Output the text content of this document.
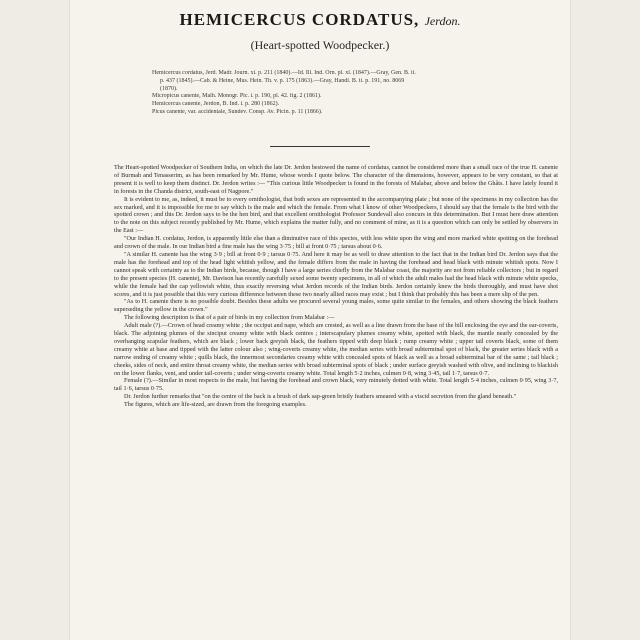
HEMICERCUS CORDATUS, Jerdon.
(Heart-spotted Woodpecker.)
Hemicercus cordatus, Jerd. Madr. Journ. xi. p. 211 (1840).—Id. Ill. Ind. Orn. pl. xl. (1847).—Gray, Gen. B. ii.
p. 437 (1845).—Cab. & Heine, Mus. Hein. Th. v. p. 175 (1863).—Gray, Handl. B. ii. p. 191, no. 8069
(1870).
Micropicus canente, Malh. Monogr. Pic. i. p. 190, pl. 42. fig. 2 (1861).
Hemicercus canente, Jerdon, B. Ind. i. p. 280 (1862).
Picus canente, var. accidentale, Sundev. Consp. Av. Picin. p. 11 (1866).

The Heart-spotted Woodpecker of Southern India, on which the late Dr. Jerdon bestowed the name of cordatus, cannot be considered more than a small race of the true H. canente of Burmah and Tenasserim, as has been remarked by Mr. Hume, whose words I quote below. The character of the dimensions, however, appears to be very constant, so that at present it is well to keep them distinct. Dr. Jerdon writes :— "This curious little Woodpecker is found in the forests of Malabar, above and below the Ghâts. I have lately found it in forests in the Chanda district, south-east of Nagpore."

It is evident to me, as, indeed, it must be to every ornithologist, that both sexes are represented in the accompanying plate ; but none of the specimens in my collection has the sex marked, and it is impossible for me to say which is the male and which the female. From what I know of other Woodpeckers, I should say that the female is the bird with the spotted crown ; and this Dr. Jerdon says to be the hen bird, and that excellent ornithologist Professor Sundevall also concurs in this determination. But I must here draw attention to the note on this subject recently published by Mr. Hume, which explains the matter fully, and no comment of mine, as it is a question which can only be settled by observers in the East :—

"Our Indian H. cordatus, Jerdon, is apparently little else than a diminutive race of this species, with less white upon the wing and more marked white spotting on the forehead and crown of the male. In our Indian bird a fine male has the wing 3·75 ; bill at front 0·75 ; tarsus about 0·6.

"A similar H. canente has the wing 3·9 ; bill at front 0·9 ; tarsus 0·75. And here it may be as well to draw attention to the fact that in the Indian bird Dr. Jerdon says that the male has the forehead and top of the head light whitish yellow, and the female differs from the male in having the forehead and head black with minute whitish spots. Now I cannot speak with certainty as to the Indian birds, because, though I have a large series chiefly from the Malabar coast, the majority are not from reliable collectors ; but in regard to the present species (H. canente), Mr. Davison has recently carefully sexed some twenty specimens, in all of which the adult males had the head black with minute white specks, while the female had the cap yellowish white, thus exactly reversing what Jerdon records of the Indian birds. Jerdon certainly knew the birds thoroughly, and must have shot scores, and it is just possible that this very curious difference between these two nearly allied races may exist ; but I think that probably this has been a mere slip of the pen.

"As to H. canente there is no possible doubt. Besides these adults we procured several young males, some quite similar to the females, and others showing the black feathers superseding the yellow in the crown."

The following description is that of a pair of birds in my collection from Malabar :—

Adult male (?).—Crown of head creamy white ; the occiput and nape, which are crested, as well as a line drawn from the base of the bill enclosing the eye and the ear-coverts, black. The adjoining plumes of the sinciput creamy white with black centres ; interscapulary plumes creamy white, spotted with black, the mantle nearly concealed by the overhanging scapular feathers, which are black ; lower back greyish black, the feathers tipped with deep black ; rump creamy white ; upper tail coverts black, some of them creamy white at base and tipped with the latter colour also ; wing-coverts creamy white, the median series with broad subterminal spot of black, the greater series black with a narrow ending of creamy white ; quills black, the innermost secondaries creamy white with concealed spots of black as well as a broad subterminal bar of the same ; tail black ; cheeks, sides of neck, and entire throat creamy white, the median series with broad subterminal spots of black ; under surface greyish washed with olive, and inclining to blackish on the lower flanks, vent, and under tail-coverts ; under wing-coverts creamy white. Total length 5·2 inches, culmen 0·8, wing 3·45, tail 1·7, tarsus 0·7.

Female (?).—Similar in most respects to the male, but having the forehead and crown black, very minutely dotted with white. Total length 5·4 inches, culmen 0·95, wing 3·7, tail 1·6, tarsus 0·75.

Dr. Jerdon further remarks that "on the centre of the back is a brush of dark sap-green bristly feathers smeared with a viscid secretion from the gland beneath."

The figures, which are life-sized, are drawn from the foregoing examples.
